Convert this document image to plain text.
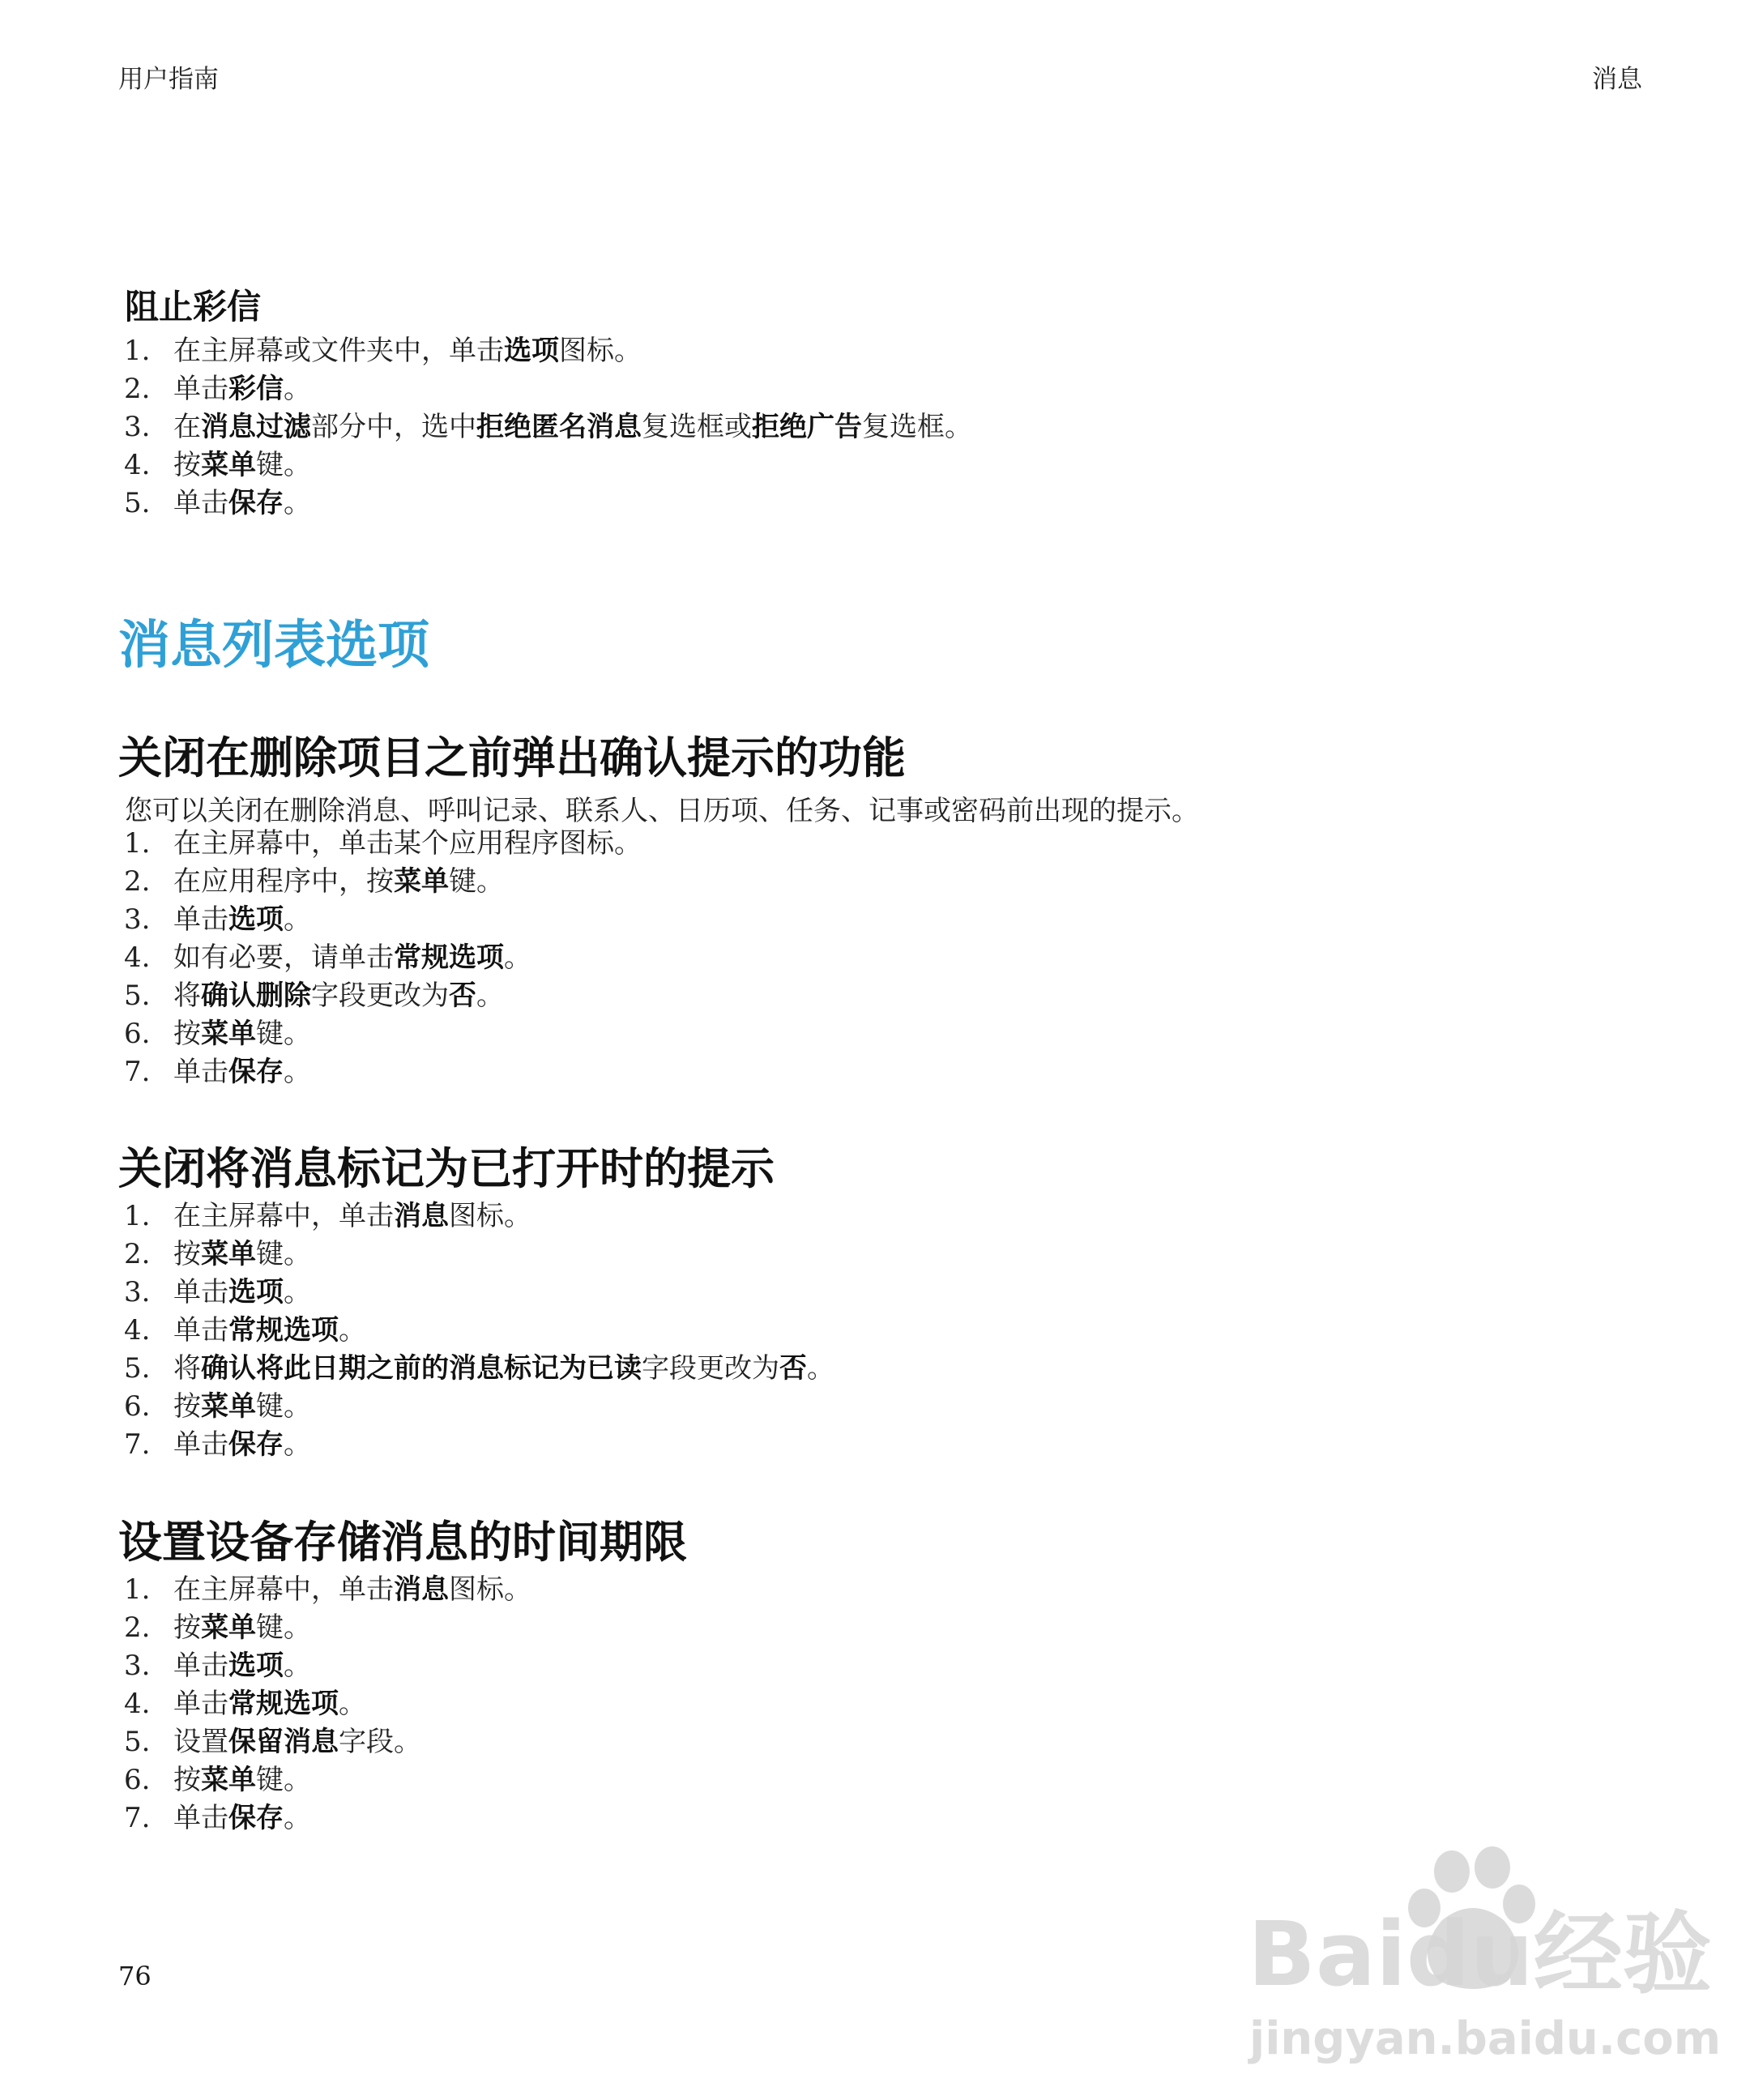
用户指南	消息
阻止彩信
1. 在主屏幕或文件夹中，单击选项图标。
2. 单击彩信。
3. 在消息过滤部分中，选中拒绝匿名消息复选框或拒绝广告复选框。
4. 按菜单键。
5. 单击保存。
消息列表选项
关闭在删除项目之前弹出确认提示的功能
您可以关闭在删除消息、呼叫记录、联系人、日历项、任务、记事或密码前出现的提示。
1. 在主屏幕中，单击某个应用程序图标。
2. 在应用程序中，按菜单键。
3. 单击选项。
4. 如有必要，请单击常规选项。
5. 将确认删除字段更改为否。
6. 按菜单键。
7. 单击保存。
关闭将消息标记为已打开时的提示
1. 在主屏幕中，单击消息图标。
2. 按菜单键。
3. 单击选项。
4. 单击常规选项。
5. 将确认将此日期之前的消息标记为已读字段更改为否。
6. 按菜单键。
7. 单击保存。
设置设备存储消息的时间期限
1. 在主屏幕中，单击消息图标。
2. 按菜单键。
3. 单击选项。
4. 单击常规选项。
5. 设置保留消息字段。
6. 按菜单键。
7. 单击保存。
76	Baidu经验
jingyan.baidu.com
